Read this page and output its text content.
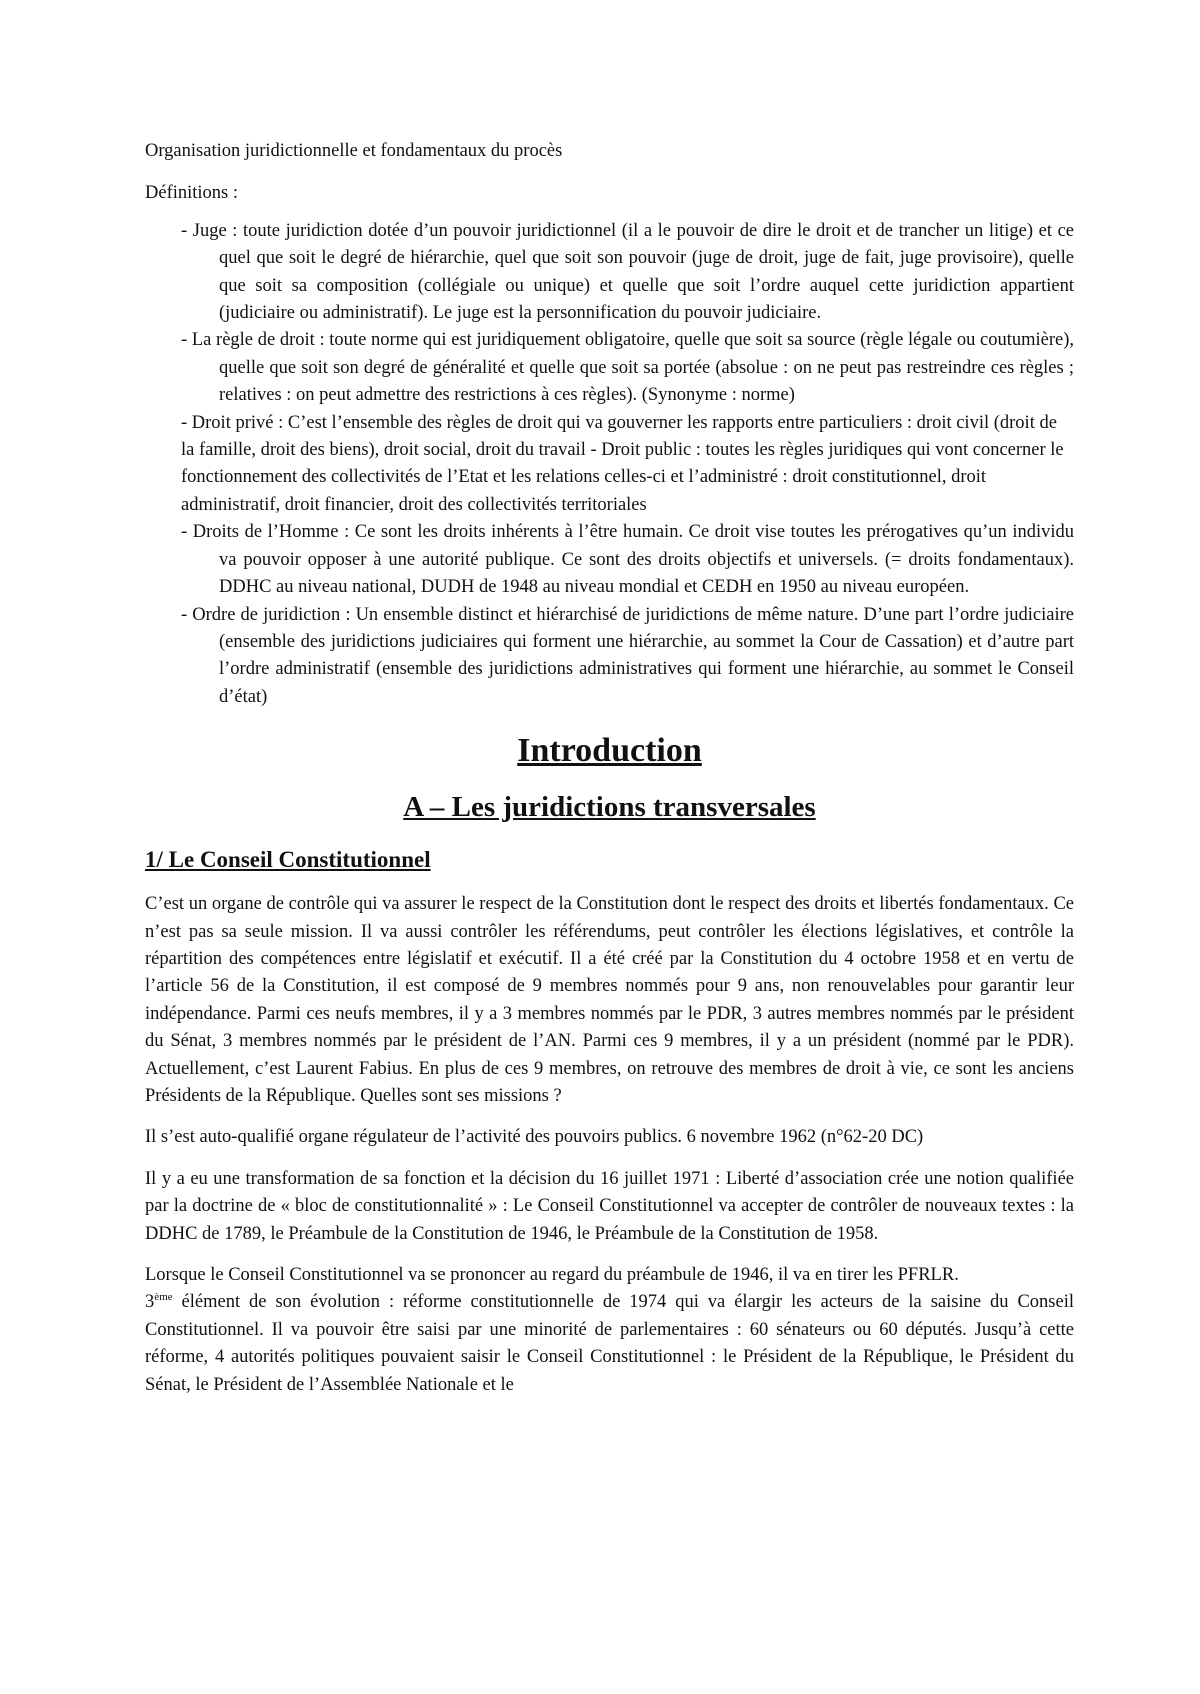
Organisation juridictionnelle et fondamentaux du procès

Définitions :

- Juge : toute juridiction dotée d’un pouvoir juridictionnel (il a le pouvoir de dire le droit et de trancher un litige) et ce quel que soit le degré de hiérarchie, quel que soit son pouvoir (juge de droit, juge de fait, juge provisoire), quelle que soit sa composition (collégiale ou unique) et quelle que soit l’ordre auquel cette juridiction appartient (judiciaire ou administratif). Le juge est la personnification du pouvoir judiciaire.
- La règle de droit : toute norme qui est juridiquement obligatoire, quelle que soit sa source (règle légale ou coutumière), quelle que soit son degré de généralité et quelle que soit sa portée (absolue : on ne peut pas restreindre ces règles ; relatives : on peut admettre des restrictions à ces règles). (Synonyme : norme)
- Droit privé : C’est l’ensemble des règles de droit qui va gouverner les rapports entre particuliers : droit civil (droit de la famille, droit des biens), droit social, droit du travail - Droit public : toutes les règles juridiques qui vont concerner le fonctionnement des collectivités de l’Etat et les relations celles-ci et l’administré : droit constitutionnel, droit administratif, droit financier, droit des collectivités territoriales
- Droits de l’Homme : Ce sont les droits inhérents à l’être humain. Ce droit vise toutes les prérogatives qu’un individu va pouvoir opposer à une autorité publique. Ce sont des droits objectifs et universels. (= droits fondamentaux). DDHC au niveau national, DUDH de 1948 au niveau mondial et CEDH en 1950 au niveau européen.
- Ordre de juridiction : Un ensemble distinct et hiérarchisé de juridictions de même nature. D’une part l’ordre judiciaire (ensemble des juridictions judiciaires qui forment une hiérarchie, au sommet la Cour de Cassation) et d’autre part l’ordre administratif (ensemble des juridictions administratives qui forment une hiérarchie, au sommet le Conseil d’état)
Introduction
A – Les juridictions transversales
1/ Le Conseil Constitutionnel

C’est un organe de contrôle qui va assurer le respect de la Constitution dont le respect des droits et libertés fondamentaux. Ce n’est pas sa seule mission. Il va aussi contrôler les référendums, peut contrôler les élections législatives, et contrôle la répartition des compétences entre législatif et exécutif. Il a été créé par la Constitution du 4 octobre 1958 et en vertu de l’article 56 de la Constitution, il est composé de 9 membres nommés pour 9 ans, non renouvelables pour garantir leur indépendance. Parmi ces neufs membres, il y a 3 membres nommés par le PDR, 3 autres membres nommés par le président du Sénat, 3 membres nommés par le président de l’AN. Parmi ces 9 membres, il y a un président (nommé par le PDR). Actuellement, c’est Laurent Fabius. En plus de ces 9 membres, on retrouve des membres de droit à vie, ce sont les anciens Présidents de la République. Quelles sont ses missions ?

Il s’est auto-qualifié organe régulateur de l’activité des pouvoirs publics. 6 novembre 1962 (n°62-20 DC)

Il y a eu une transformation de sa fonction et la décision du 16 juillet 1971 : Liberté d’association crée une notion qualifiée par la doctrine de « bloc de constitutionnalité » : Le Conseil Constitutionnel va accepter de contrôler de nouveaux textes : la DDHC de 1789, le Préambule de la Constitution de 1946, le Préambule de la Constitution de 1958.

Lorsque le Conseil Constitutionnel va se prononcer au regard du préambule de 1946, il va en tirer les PFRLR.

3ème élément de son évolution : réforme constitutionnelle de 1974 qui va élargir les acteurs de la saisine du Conseil Constitutionnel. Il va pouvoir être saisi par une minorité de parlementaires : 60 sénateurs ou 60 députés. Jusqu’à cette réforme, 4 autorités politiques pouvaient saisir le Conseil Constitutionnel : le Président de la République, le Président du Sénat, le Président de l’Assemblée Nationale et le
